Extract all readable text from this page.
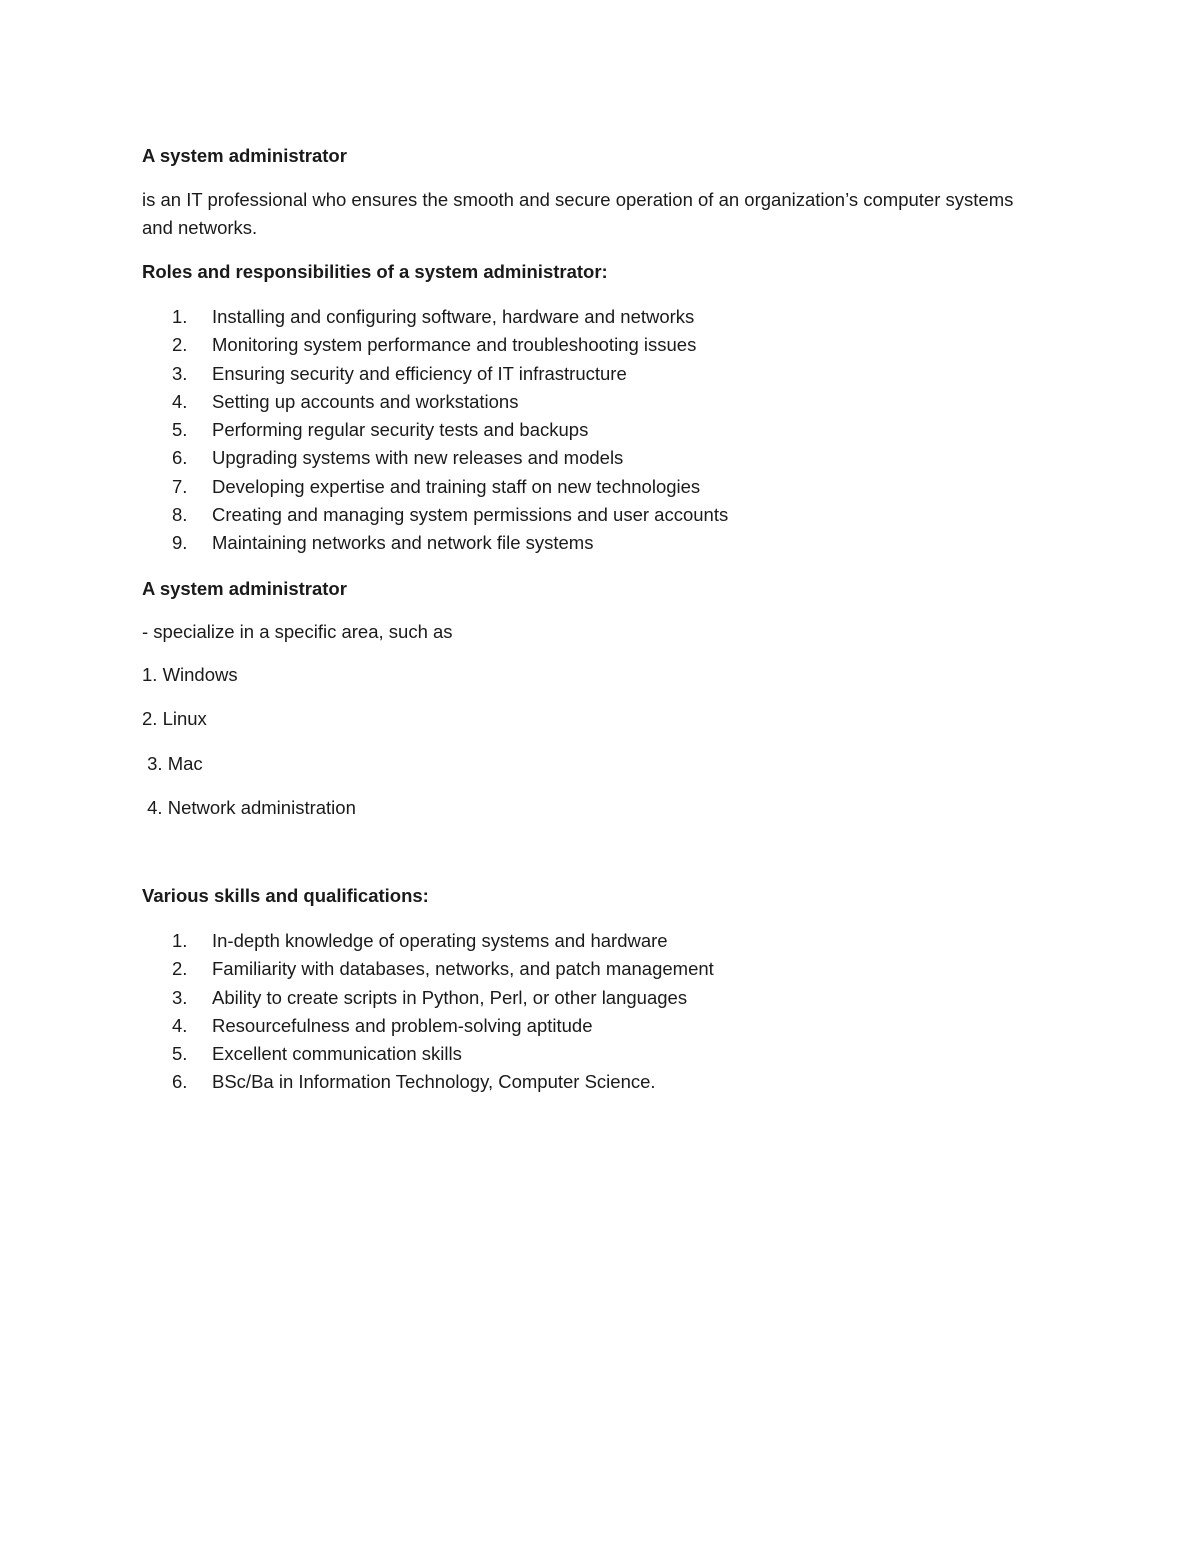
A system administrator
is an IT professional who ensures the smooth and secure operation of an organization’s computer systems and networks.
Roles and responsibilities of a system administrator:
1.	Installing and configuring software, hardware and networks
2.	Monitoring system performance and troubleshooting issues
3.	Ensuring security and efficiency of IT infrastructure
4.	Setting up accounts and workstations
5.	Performing regular security tests and backups
6.	Upgrading systems with new releases and models
7.	Developing expertise and training staff on new technologies
8.	Creating and managing system permissions and user accounts
9.	Maintaining networks and network file systems
A system administrator
- specialize in a specific area, such as
1. Windows
2. Linux
3. Mac
4. Network administration
Various skills and qualifications:
1.	In-depth knowledge of operating systems and hardware
2.	Familiarity with databases, networks, and patch management
3.	Ability to create scripts in Python, Perl, or other languages
4.	Resourcefulness and problem-solving aptitude
5.	Excellent communication skills
6.	BSc/Ba in Information Technology, Computer Science.
